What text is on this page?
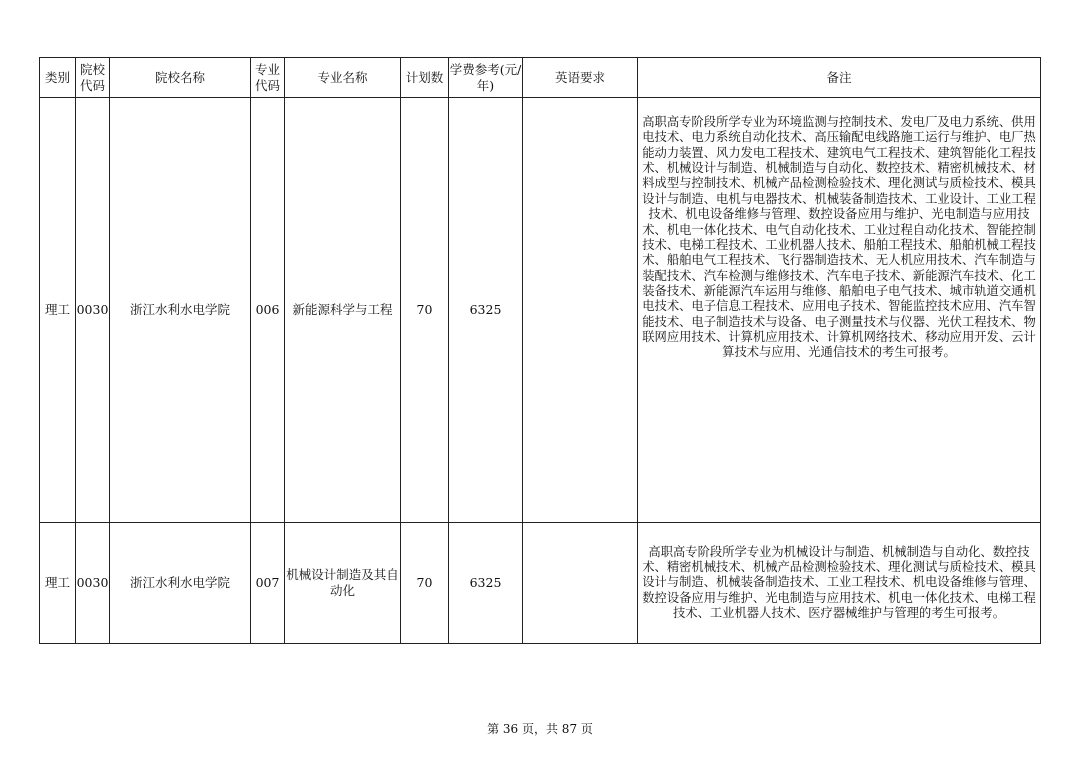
类别	院校代码	院校名称	专业代码	专业名称	计划数	学费参考(元/年)	英语要求	备注
理工	0030	浙江水利水电学院	006	新能源科学与工程	70	6325		高职高专阶段所学专业为环境监测与控制技术、发电厂及电力系统、供用电技术、电力系统自动化技术、高压输配电线路施工运行与维护、电厂热能动力装置、风力发电工程技术、建筑电气工程技术、建筑智能化工程技术、机械设计与制造、机械制造与自动化、数控技术、精密机械技术、材料成型与控制技术、机械产品检测检验技术、理化测试与质检技术、模具设计与制造、电机与电器技术、机械装备制造技术、工业设计、工业工程技术、机电设备维修与管理、数控设备应用与维护、光电制造与应用技术、机电一体化技术、电气自动化技术、工业过程自动化技术、智能控制技术、电梯工程技术、工业机器人技术、船舶工程技术、船舶机械工程技术、船舶电气工程技术、飞行器制造技术、无人机应用技术、汽车制造与装配技术、汽车检测与维修技术、汽车电子技术、新能源汽车技术、化工装备技术、新能源汽车运用与维修、船舶电子电气技术、城市轨道交通机电技术、电子信息工程技术、应用电子技术、智能监控技术应用、汽车智能技术、电子制造技术与设备、电子测量技术与仪器、光伏工程技术、物联网应用技术、计算机应用技术、计算机网络技术、移动应用开发、云计算技术与应用、光通信技术的考生可报考。
理工	0030	浙江水利水电学院	007	机械设计制造及其自动化	70	6325		高职高专阶段所学专业为机械设计与制造、机械制造与自动化、数控技术、精密机械技术、机械产品检测检验技术、理化测试与质检技术、模具设计与制造、机械装备制造技术、工业工程技术、机电设备维修与管理、数控设备应用与维护、光电制造与应用技术、机电一体化技术、电梯工程技术、工业机器人技术、医疗器械维护与管理的考生可报考。
第 36 页，共 87 页
